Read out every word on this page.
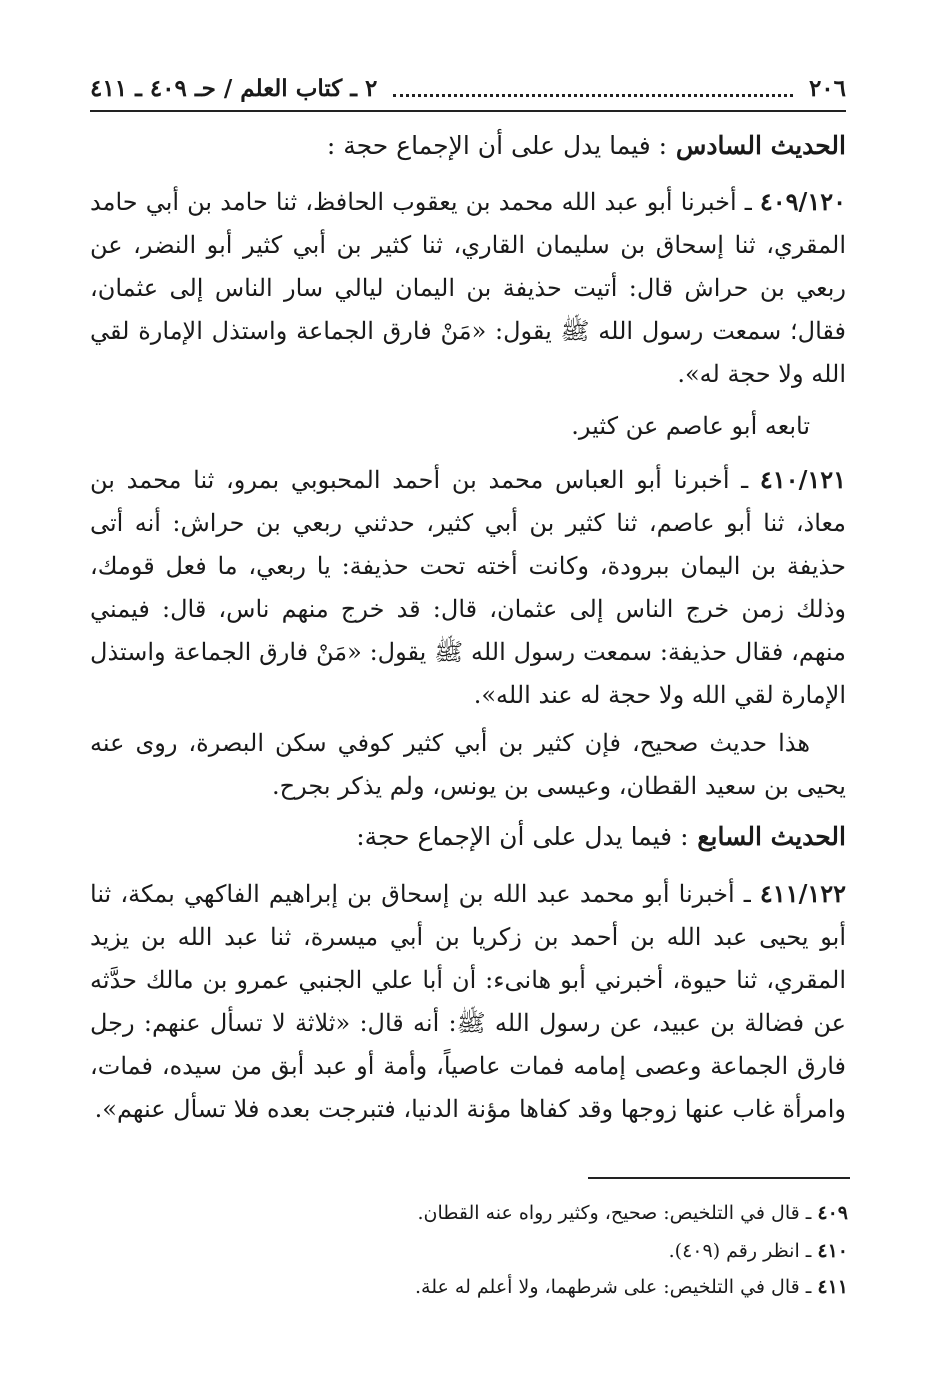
٢٠٦
٢ ـ كتاب العلم / حـ ٤٠٩ ـ ٤١١
الحديث السادس : فيما يدل على أن الإجماع حجة :
٤٠٩/١٢٠ ـ أخبرنا أبو عبد الله محمد بن يعقوب الحافظ، ثنا حامد بن أبي حامد المقري، ثنا إسحاق بن سليمان القاري، ثنا كثير بن أبي كثير أبو النضر، عن ربعي بن حراش قال: أتيت حذيفة بن اليمان ليالي سار الناس إلى عثمان، فقال؛ سمعت رسول الله ﷺ يقول: «مَنْ فارق الجماعة واستذل الإمارة لقي الله ولا حجة له».
تابعه أبو عاصم عن كثير.
٤١٠/١٢١ ـ أخبرنا أبو العباس محمد بن أحمد المحبوبي بمرو، ثنا محمد بن معاذ، ثنا أبو عاصم، ثنا كثير بن أبي كثير، حدثني ربعي بن حراش: أنه أتى حذيفة بن اليمان ببرودة، وكانت أخته تحت حذيفة: يا ربعي، ما فعل قومك، وذلك زمن خرج الناس إلى عثمان، قال: قد خرج منهم ناس، قال: فيمني منهم، فقال حذيفة: سمعت رسول الله ﷺ يقول: «مَنْ فارق الجماعة واستذل الإمارة لقي الله ولا حجة له عند الله».
هذا حديث صحيح، فإن كثير بن أبي كثير كوفي سكن البصرة، روى عنه يحيى بن سعيد القطان، وعيسى بن يونس، ولم يذكر بجرح.
الحديث السابع : فيما يدل على أن الإجماع حجة:
٤١١/١٢٢ ـ أخبرنا أبو محمد عبد الله بن إسحاق بن إبراهيم الفاكهي بمكة، ثنا أبو يحيى عبد الله بن أحمد بن زكريا بن أبي ميسرة، ثنا عبد الله بن يزيد المقري، ثنا حيوة، أخبرني أبو هانىء: أن أبا علي الجنبي عمرو بن مالك حدَّثه عن فضالة بن عبيد، عن رسول الله ﷺ: أنه قال: «ثلاثة لا تسأل عنهم: رجل فارق الجماعة وعصى إمامه فمات عاصياً، وأمة أو عبد أبق من سيده، فمات، وامرأة غاب عنها زوجها وقد كفاها مؤنة الدنيا، فتبرجت بعده فلا تسأل عنهم».
٤٠٩ ـ قال في التلخيص: صحيح، وكثير رواه عنه القطان.
٤١٠ ـ انظر رقم (٤٠٩).
٤١١ ـ قال في التلخيص: على شرطهما، ولا أعلم له علة.
